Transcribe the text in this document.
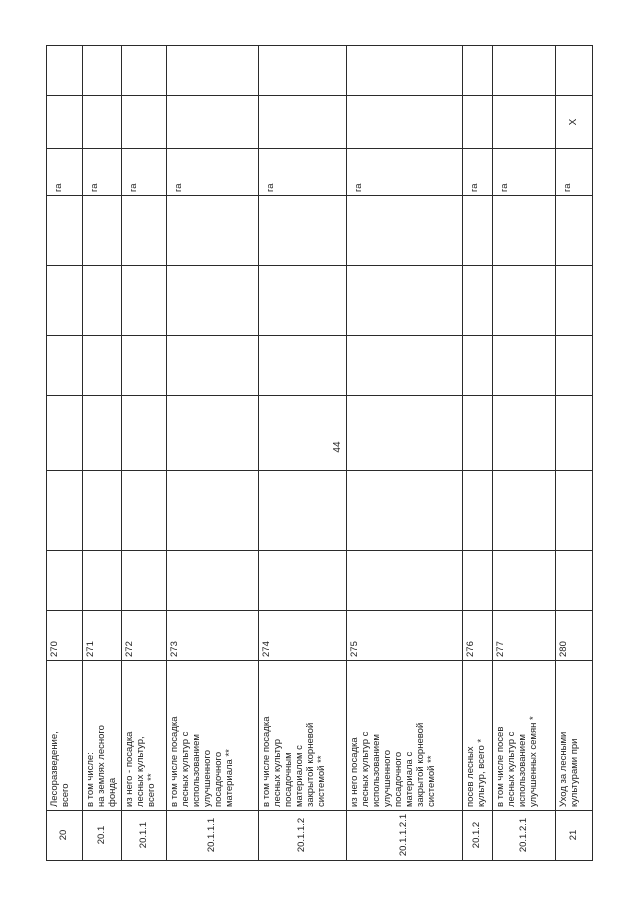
44
20
Лесоразведение, всего
270
га
20.1
в том числе: на землях лесного фонда
271
га
20.1.1
из него - посадка лесных культур, всего **
272
га
20.1.1.1
в том числе посадка лесных культур с использованием улучшенного посадочного материала **
273
га
20.1.1.2
в том числе посадка лесных культур посадочным материалом с закрытой корневой системой **
274
га
20.1.1.2.1
из него посадка лесных культур с использованием улучшенного посадочного материала с закрытой корневой системой **
275
га
20.1.2
посев лесных культур, всего *
276
га
20.1.2.1
в том числе посев лесных культур с использованием улучшенных семян *
277
га
21
Уход за лесными культурами при
280
га
X
